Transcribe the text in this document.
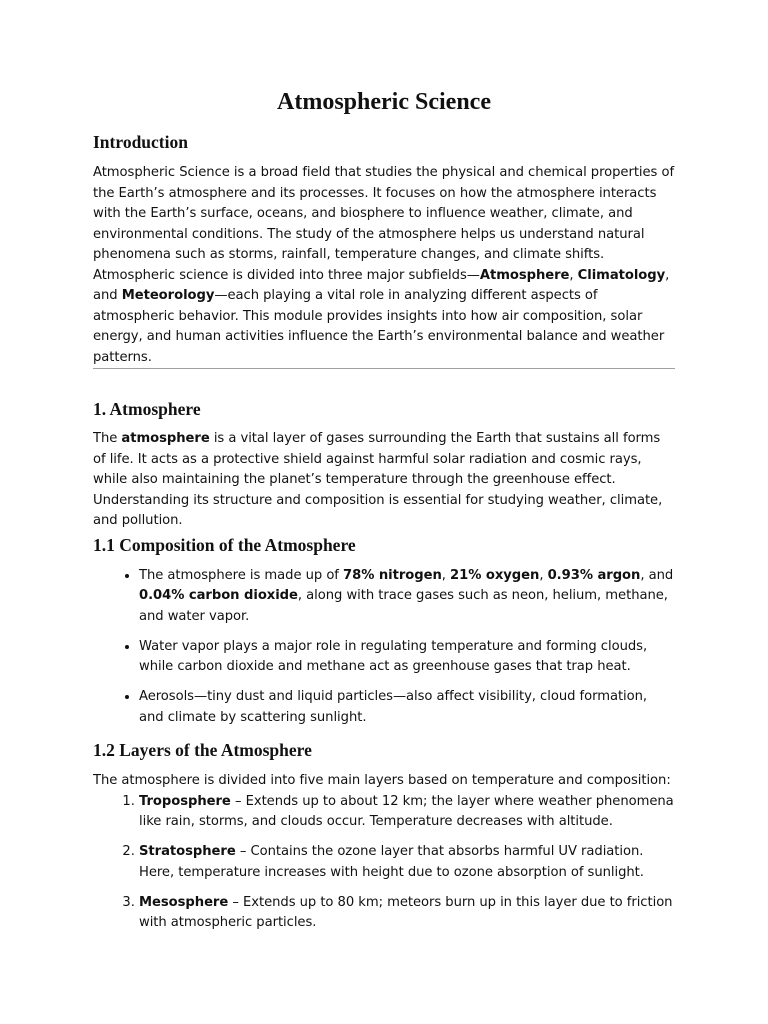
Atmospheric Science
Introduction

Atmospheric Science is a broad field that studies the physical and chemical properties of the Earth’s atmosphere and its processes. It focuses on how the atmosphere interacts with the Earth’s surface, oceans, and biosphere to influence weather, climate, and environmental conditions. The study of the atmosphere helps us understand natural phenomena such as storms, rainfall, temperature changes, and climate shifts. Atmospheric science is divided into three major subfields—Atmosphere, Climatology, and Meteorology—each playing a vital role in analyzing different aspects of atmospheric behavior. This module provides insights into how air composition, solar energy, and human activities influence the Earth’s environmental balance and weather patterns.

1. Atmosphere

The atmosphere is a vital layer of gases surrounding the Earth that sustains all forms of life. It acts as a protective shield against harmful solar radiation and cosmic rays, while also maintaining the planet’s temperature through the greenhouse effect. Understanding its structure and composition is essential for studying weather, climate, and pollution.

1.1 Composition of the Atmosphere
• The atmosphere is made up of 78% nitrogen, 21% oxygen, 0.93% argon, and 0.04% carbon dioxide, along with trace gases such as neon, helium, methane, and water vapor.
• Water vapor plays a major role in regulating temperature and forming clouds, while carbon dioxide and methane act as greenhouse gases that trap heat.
• Aerosols—tiny dust and liquid particles—also affect visibility, cloud formation, and climate by scattering sunlight.
1.2 Layers of the Atmosphere

The atmosphere is divided into five main layers based on temperature and composition:

1. Troposphere – Extends up to about 12 km; the layer where weather phenomena like rain, storms, and clouds occur. Temperature decreases with altitude.
2. Stratosphere – Contains the ozone layer that absorbs harmful UV radiation. Here, temperature increases with height due to ozone absorption of sunlight.
3. Mesosphere – Extends up to 80 km; meteors burn up in this layer due to friction with atmospheric particles.
